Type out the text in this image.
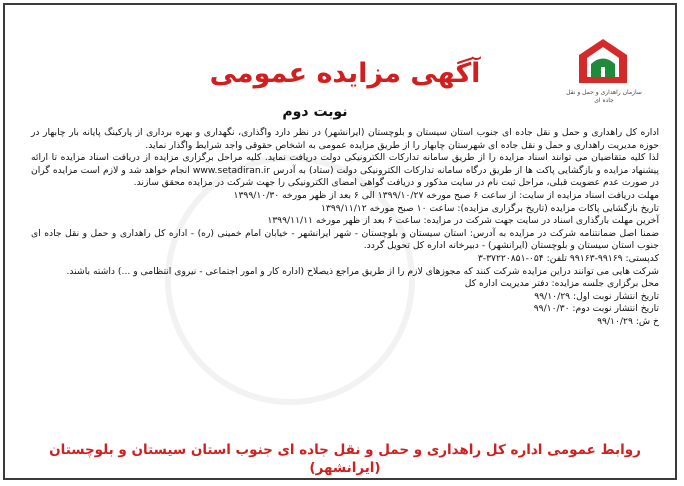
سازمان راهداری و حمل و نقل جاده ای
آگهی مزایده عمومی
نوبت دوم

اداره کل راهداری و حمل و نقل جاده ای جنوب استان سیستان و بلوچستان (ایرانشهر) در نظر دارد واگذاری، نگهداری و بهره برداری از پارکینگ پایانه بار چابهار در حوزه مدیریت راهداری و حمل و نقل جاده ای شهرستان چابهار را از طریق مزایده عمومی به اشخاص حقوقی واجد شرایط واگذار نماید.

لذا کلیه متقاضیان می توانند اسناد مزایده را از طریق سامانه تدارکات الکترونیکی دولت دریافت نماید. کلیه مراحل برگزاری مزایده از دریافت اسناد مزایده تا ارائه پیشنهاد مزایده و بازگشایی پاکت ها از طریق درگاه سامانه تدارکات الکترونیکی دولت (ستاد) به آدرس www.setadiran.ir انجام خواهد شد و لازم است مزایده گران در صورت عدم عضویت قبلی، مراحل ثبت نام در سایت مذکور و دریافت گواهی امضای الکترونیکی را جهت شرکت در مزایده محقق سازند.

مهلت دریافت اسناد مزایده از سایت: از ساعت ۶ صبح مورخه ۱۳۹۹/۱۰/۲۷ الی ۶ بعد از ظهر مورخه ۱۳۹۹/۱۰/۳۰

تاریخ بازگشایی پاکات مزایده (تاریخ برگزاری مزایده): ساعت ۱۰ صبح مورخه ۱۳۹۹/۱۱/۱۲

آخرین مهلت بارگذاری اسناد در سایت جهت شرکت در مزایده: ساعت ۶ بعد از ظهر مورخه ۱۳۹۹/۱۱/۱۱

ضمنا اصل ضمانتنامه شرکت در مزایده به آدرس: استان سیستان و بلوچستان - شهر ایرانشهر - خیابان امام خمینی (ره) - اداره کل راهداری و حمل و نقل جاده ای جنوب استان سیستان و بلوچستان (ایرانشهر) - دبیرخانه اداره کل تحویل گردد.

کدپستی: ۹۹۱۶۹-۹۹۱۶۳ تلفن: ۰۵۴-۳۷۲۲۰۸۵۱-۳

شرکت هایی می توانند دراین مزایده شرکت کنند که مجوزهای لازم را از طریق مراجع ذیصلاح (اداره کار و امور اجتماعی - نیروی انتظامی و ...) داشته باشند.

محل برگزاری جلسه مزایده: دفتر مدیریت اداره کل

تاریخ انتشار نوبت اول: ۹۹/۱۰/۲۹

تاریخ انتشار نوبت دوم: ۹۹/۱۰/۳۰

خ ش: ۹۹/۱۰/۲۹

روابط عمومی اداره کل راهداری و حمل و نقل جاده ای جنوب استان سیستان و بلوچستان (ایرانشهر)
